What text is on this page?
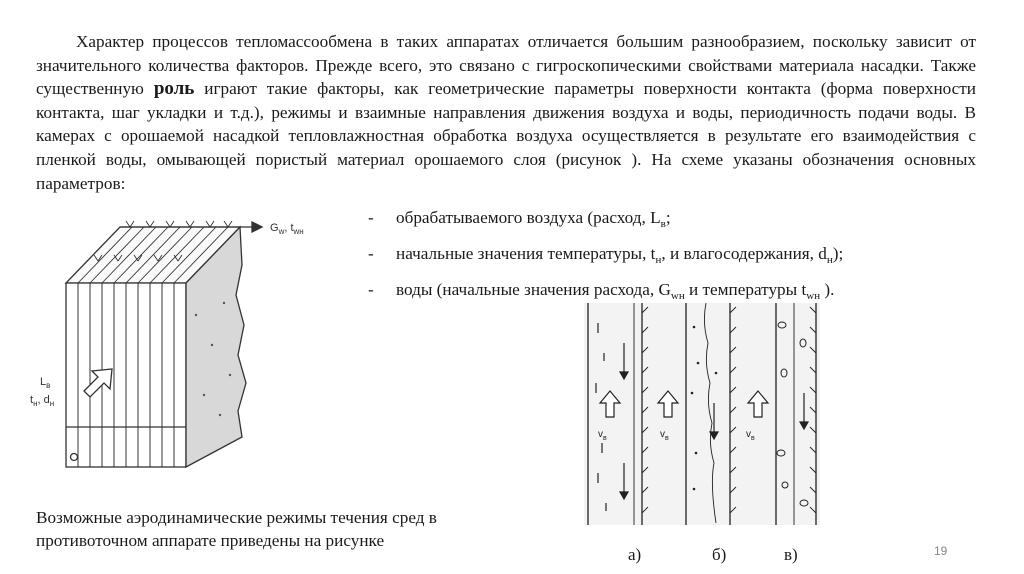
Характер процессов тепломассообмена в таких аппаратах отличается большим разнообразием, поскольку зависит от значительного количества факторов. Прежде всего, это связано с гигроскопическими свойствами материала насадки. Также существенную роль играют такие факторы, как геометрические параметры поверхности контакта (форма поверхности контакта, шаг укладки и т.д.), режимы и взаимные направления движения воздуха и воды, периодичность подачи воды. В камерах с орошаемой насадкой тепловлажностная обработка воздуха осуществляется в результате его взаимодействия с пленкой воды, омывающей пористый материал орошаемого слоя (рисунок ). На схеме указаны обозначения основных параметров:

- обрабатываемого воздуха (расход, $L_в$;
- начальные значения температуры, $t_н$, и влагосодержания, $d_н$);
- воды (начальные значения расхода, $G_{wн}$ и температуры $t_{wн}$ ).
$G_w$, $t_{wн}$
$L_в$
$t_н$, $d_н$
$v_в$	$v_в$	$v_в$

Возможные аэродинамические режимы течения сред в противоточном аппарате приведены на рисунке

а)	б)	в)	19
